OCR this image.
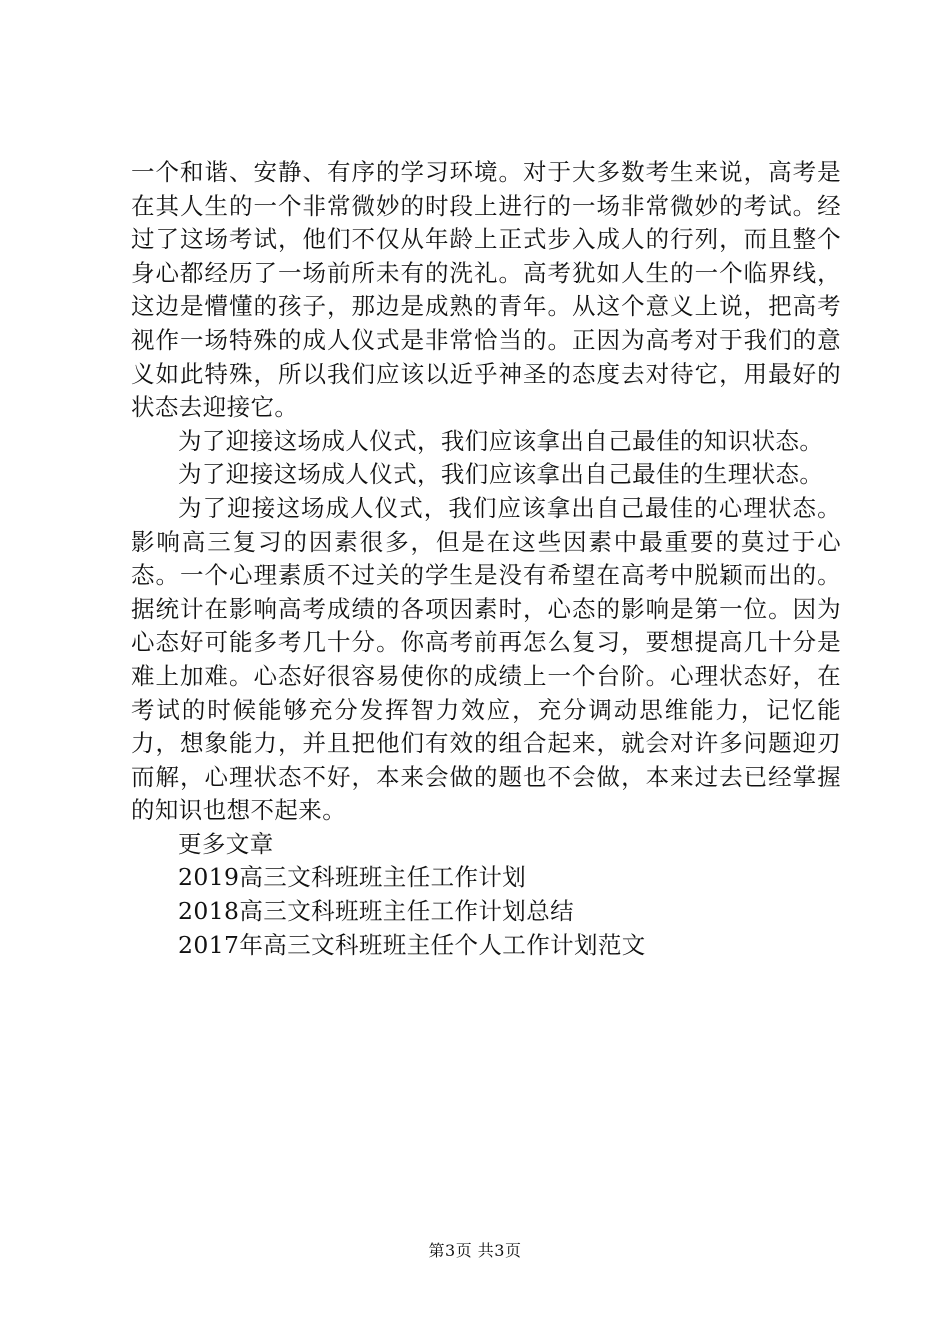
一个和谐、安静、有序的学习环境。对于大多数考生来说，高考是在其人生的一个非常微妙的时段上进行的一场非常微妙的考试。经过了这场考试，他们不仅从年龄上正式步入成人的行列，而且整个身心都经历了一场前所未有的洗礼。高考犹如人生的一个临界线，这边是懵懂的孩子，那边是成熟的青年。从这个意义上说，把高考视作一场特殊的成人仪式是非常恰当的。正因为高考对于我们的意义如此特殊，所以我们应该以近乎神圣的态度去对待它，用最好的状态去迎接它。

为了迎接这场成人仪式，我们应该拿出自己最佳的知识状态。

为了迎接这场成人仪式，我们应该拿出自己最佳的生理状态。

为了迎接这场成人仪式，我们应该拿出自己最佳的心理状态。影响高三复习的因素很多，但是在这些因素中最重要的莫过于心态。一个心理素质不过关的学生是没有希望在高考中脱颖而出的。据统计在影响高考成绩的各项因素时，心态的影响是第一位。因为心态好可能多考几十分。你高考前再怎么复习，要想提高几十分是难上加难。心态好很容易使你的成绩上一个台阶。心理状态好，在考试的时候能够充分发挥智力效应，充分调动思维能力，记忆能力，想象能力，并且把他们有效的组合起来，就会对许多问题迎刃而解，心理状态不好，本来会做的题也不会做，本来过去已经掌握的知识也想不起来。

更多文章

2019高三文科班班主任工作计划
2018高三文科班班主任工作计划总结
2017年高三文科班班主任个人工作计划范文
第3页 共3页
